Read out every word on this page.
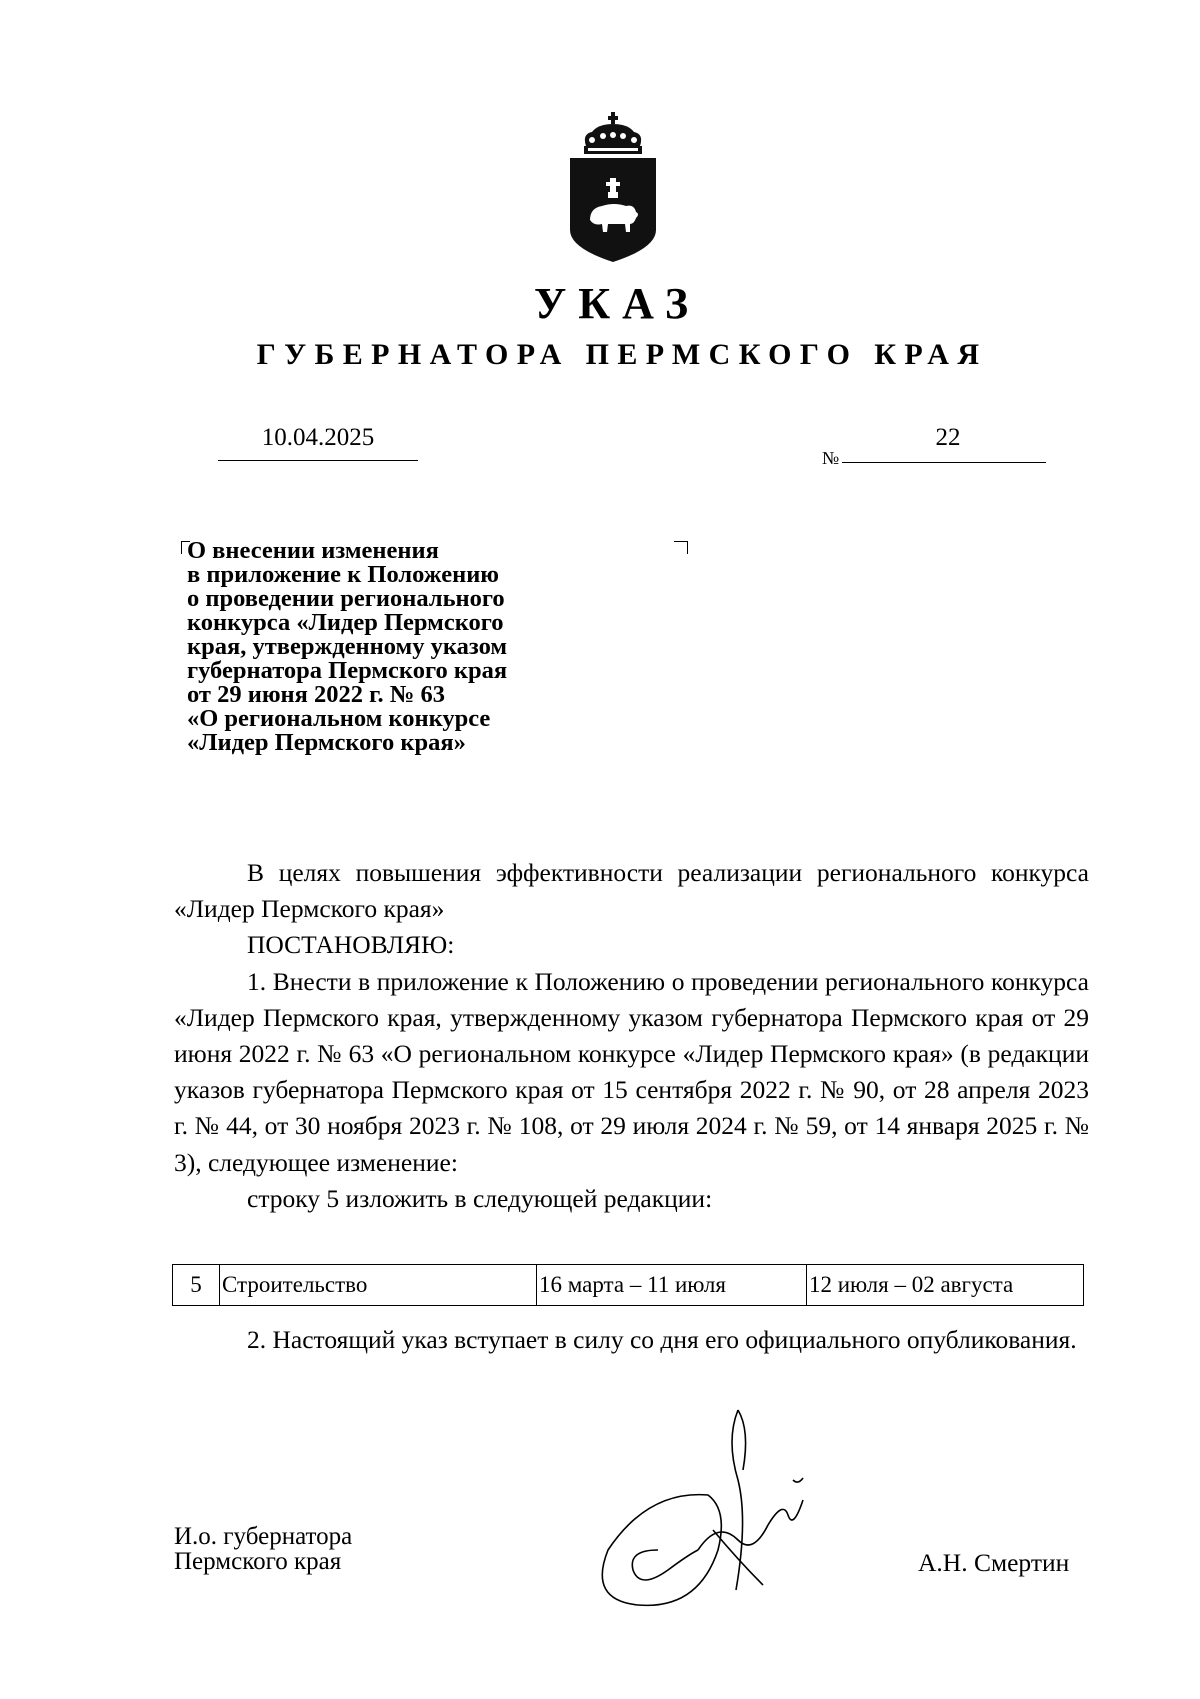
УКАЗ
ГУБЕРНАТОРА ПЕРМСКОГО КРАЯ
10.04.2025
№
22
О внесении изменения
в приложение к Положению
о проведении регионального
конкурса «Лидер Пермского
края, утвержденному указом
губернатора Пермского края
от 29 июня 2022 г. № 63
«О региональном конкурсе
«Лидер Пермского края»

В целях повышения эффективности реализации регионального конкурса «Лидер Пермского края»

ПОСТАНОВЛЯЮ:

1. Внести в приложение к Положению о проведении регионального конкурса «Лидер Пермского края, утвержденному указом губернатора Пермского края от 29 июня 2022 г. № 63 «О региональном конкурсе «Лидер Пермского края» (в редакции указов губернатора Пермского края от 15 сентября 2022 г. № 90, от 28 апреля 2023 г. № 44, от 30 ноября 2023 г. № 108, от 29 июля 2024 г. № 59, от 14 января 2025 г. № 3), следующее изменение:

строку 5 изложить в следующей редакции:

5	Строительство	16 марта – 11 июля	12 июля – 02 августа

2. Настоящий указ вступает в силу со дня его официального опубликования.

И.о. губернатора
Пермского края	А.Н. Смертин
